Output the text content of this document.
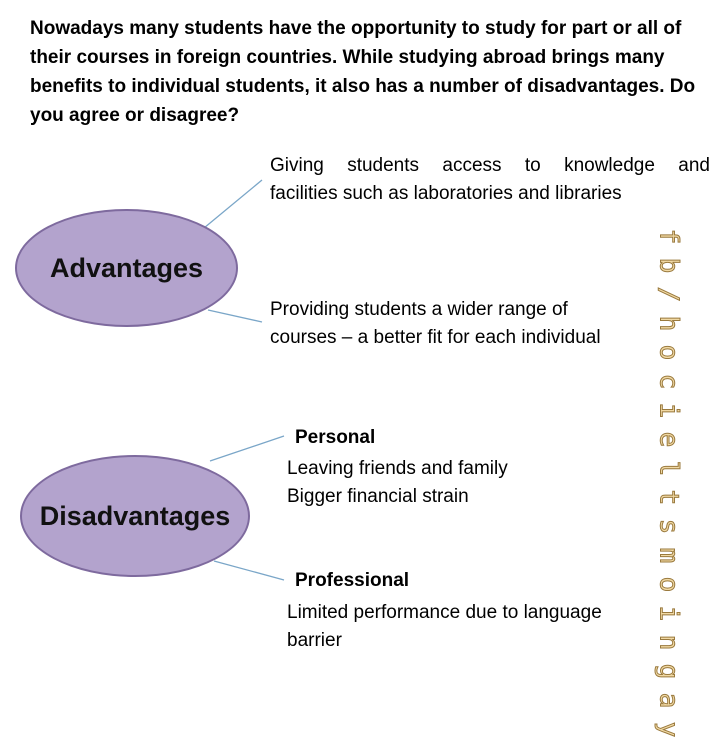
Nowadays many students have the opportunity to study for part or all of their courses in foreign countries. While studying abroad brings many benefits to individual students, it also has a number of disadvantages. Do you agree or disagree?
Advantages
Disadvantages
Giving students access to knowledge and
facilities such as laboratories and libraries
Providing students a wider range of
courses – a better fit for each individual
Personal
Leaving friends and family
Bigger financial strain
Professional
Limited performance due to language
barrier
f
b
/
h
o
c
i
e
l
t
s
m
o
i
n
g
a
y
